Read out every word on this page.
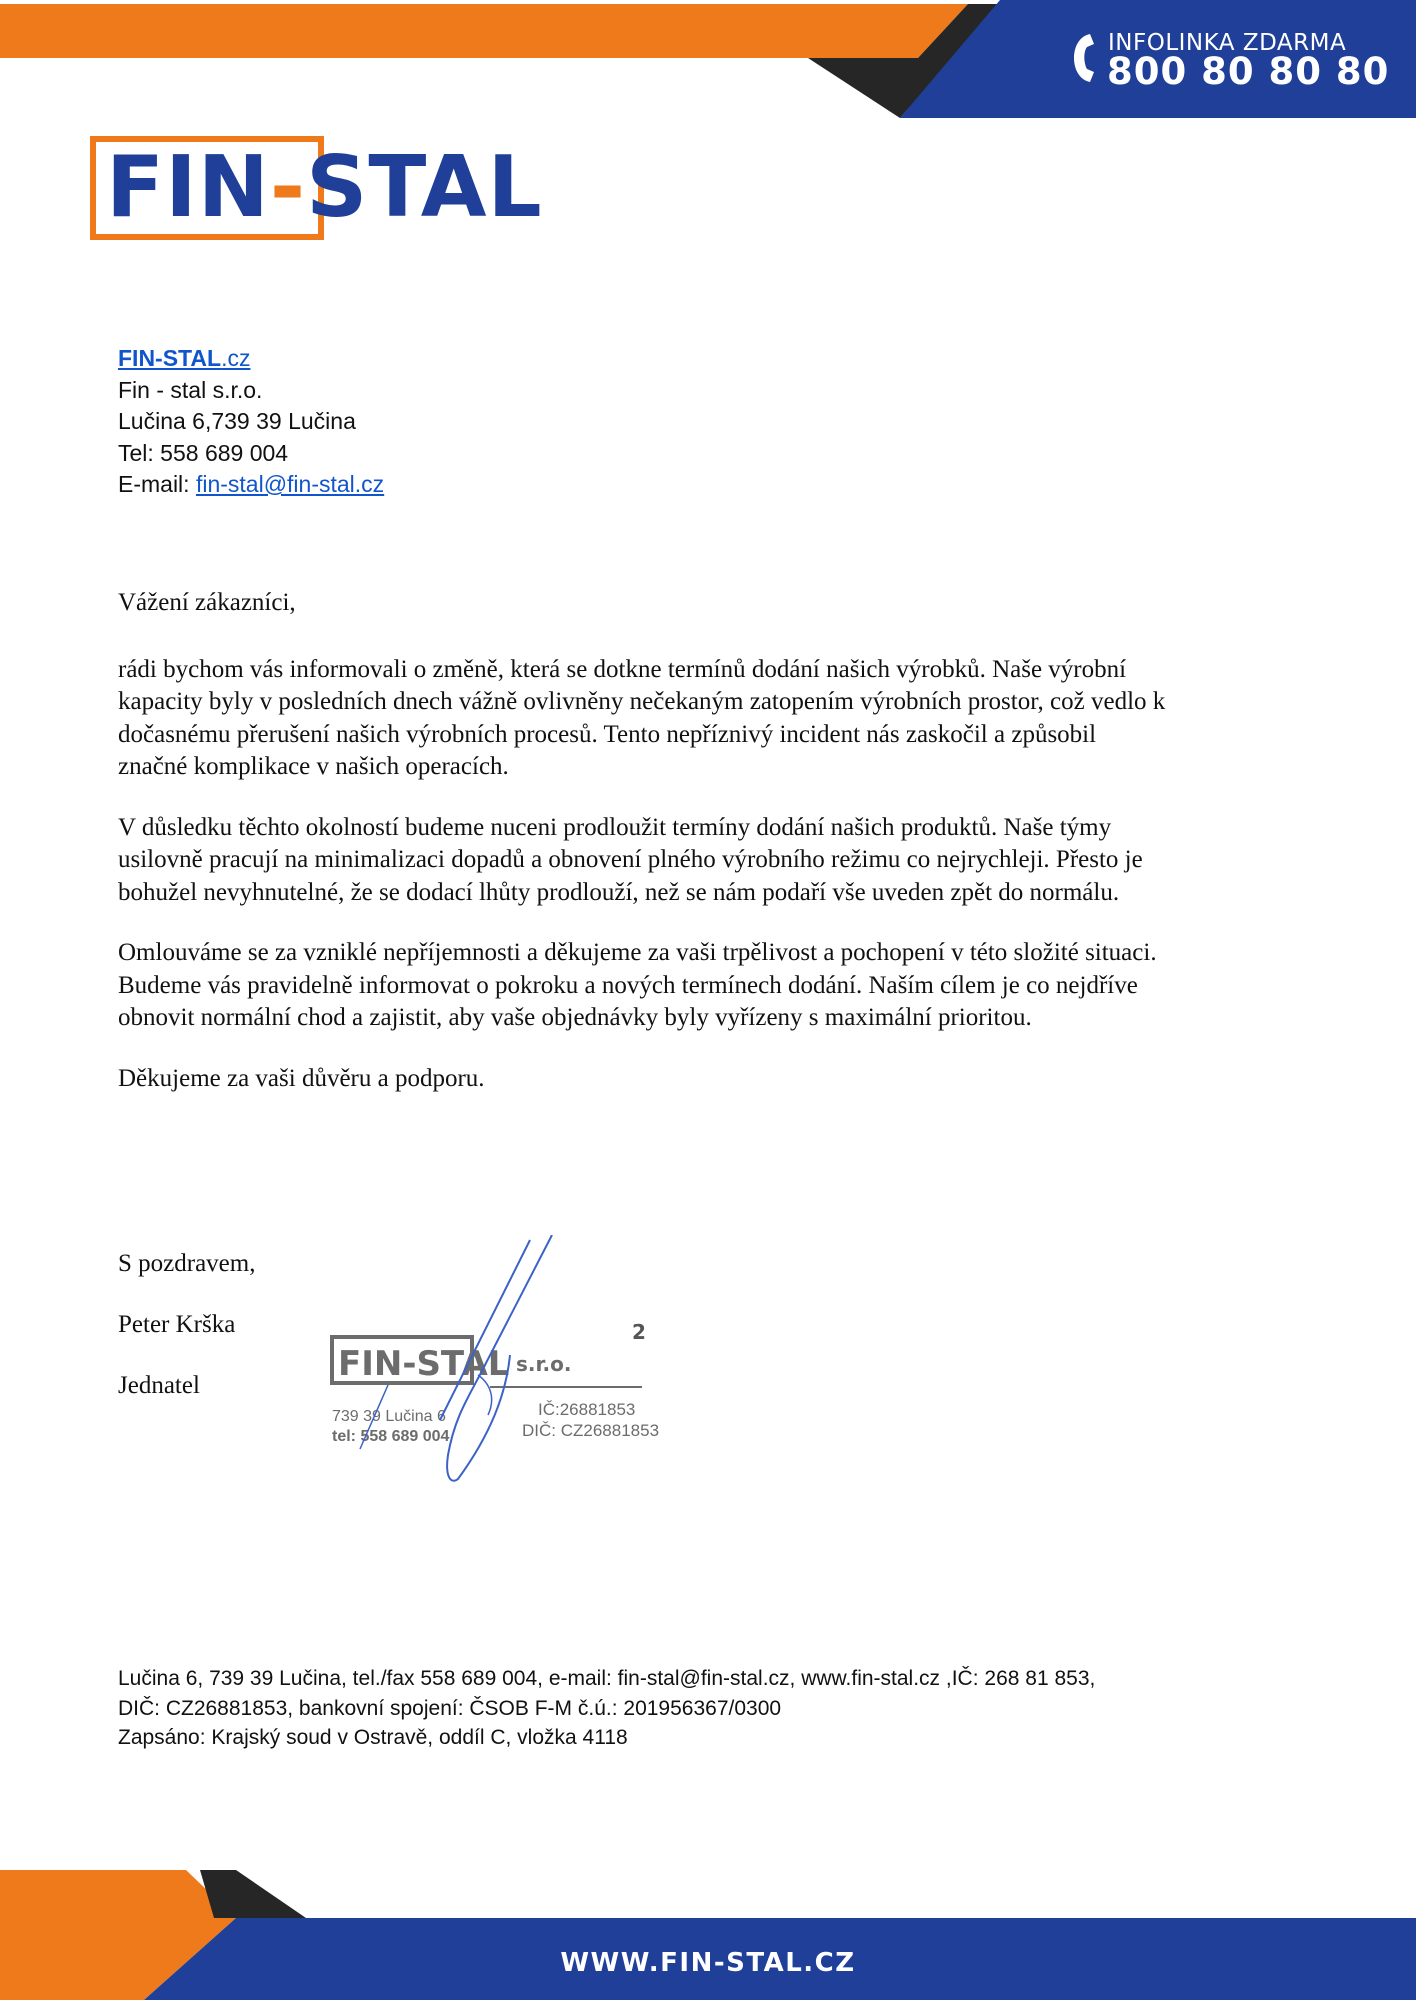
INFOLINKA ZDARMA
800 80 80 80
FIN-STAL
FIN-STAL.cz
Fin - stal s.r.o.
Lučina 6,739 39 Lučina
Tel: 558 689 004
E-mail: fin-stal@fin-stal.cz

Vážení zákazníci,

rádi bychom vás informovali o změně, která se dotkne termínů dodání našich výrobků. Naše výrobní
kapacity byly v posledních dnech vážně ovlivněny nečekaným zatopením výrobních prostor, což vedlo k
dočasnému přerušení našich výrobních procesů. Tento nepříznivý incident nás zaskočil a způsobil
značné komplikace v našich operacích.

V důsledku těchto okolností budeme nuceni prodloužit termíny dodání našich produktů. Naše týmy
usilovně pracují na minimalizaci dopadů a obnovení plného výrobního režimu co nejrychleji. Přesto je
bohužel nevyhnutelné, že se dodací lhůty prodlouží, než se nám podaří vše uveden zpět do normálu.

Omlouváme se za vzniklé nepříjemnosti a děkujeme za vaši trpělivost a pochopení v této složité situaci.
Budeme vás pravidelně informovat o pokroku a nových termínech dodání. Naším cílem je co nejdříve
obnovit normální chod a zajistit, aby vaše objednávky byly vyřízeny s maximální prioritou.

Děkujeme za vaši důvěru a podporu.

S pozdravem,
Peter Krška
Jednatel
FIN-STAL s.r.o.
2
739 39 Lučina 6
tel: 558 689 004
IČ:26881853
DIČ: CZ26881853
Lučina 6, 739 39 Lučina, tel./fax 558 689 004, e-mail: fin-stal@fin-stal.cz, www.fin-stal.cz ,IČ: 268 81 853,
DIČ: CZ26881853, bankovní spojení: ČSOB F-M č.ú.: 201956367/0300
Zapsáno: Krajský soud v Ostravě, oddíl C, vložka 4118
WWW.FIN-STAL.CZ
